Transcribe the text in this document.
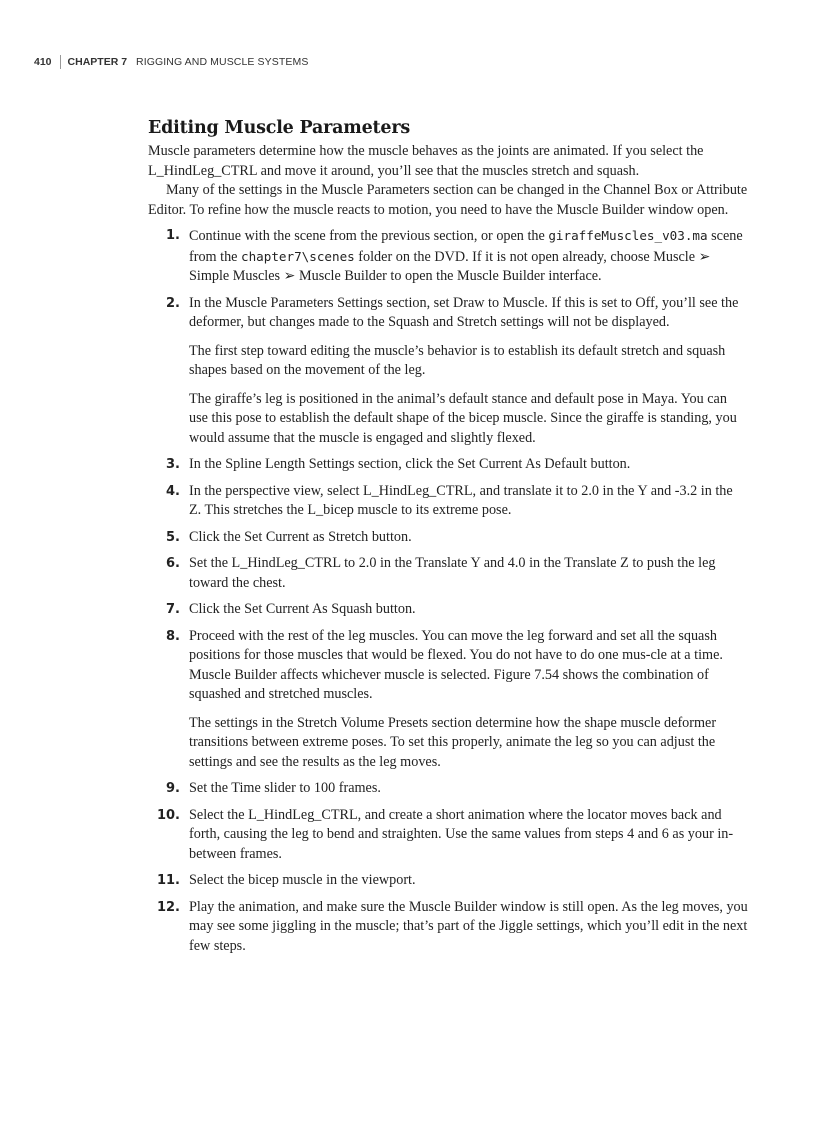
410 CHAPTER 7 RIGGING AND MUSCLE SYSTEMS
Editing Muscle Parameters

Muscle parameters determine how the muscle behaves as the joints are animated. If you select the L_HindLeg_CTRL and move it around, you’ll see that the muscles stretch and squash.

Many of the settings in the Muscle Parameters section can be changed in the Channel Box or Attribute Editor. To refine how the muscle reacts to motion, you need to have the Muscle Builder window open.

1. Continue with the scene from the previous section, or open the giraffeMuscles_v03.ma scene from the chapter7\scenes folder on the DVD. If it is not open already, choose Muscle ➢ Simple Muscles ➢ Muscle Builder to open the Muscle Builder interface.

2. In the Muscle Parameters Settings section, set Draw to Muscle. If this is set to Off, you’ll see the deformer, but changes made to the Squash and Stretch settings will not be displayed.

The first step toward editing the muscle’s behavior is to establish its default stretch and squash shapes based on the movement of the leg.

The giraffe’s leg is positioned in the animal’s default stance and default pose in Maya. You can use this pose to establish the default shape of the bicep muscle. Since the giraffe is standing, you would assume that the muscle is engaged and slightly flexed.

3. In the Spline Length Settings section, click the Set Current As Default button.

4. In the perspective view, select L_HindLeg_CTRL, and translate it to 2.0 in the Y and -3.2 in the Z. This stretches the L_bicep muscle to its extreme pose.

5. Click the Set Current as Stretch button.

6. Set the L_HindLeg_CTRL to 2.0 in the Translate Y and 4.0 in the Translate Z to push the leg toward the chest.

7. Click the Set Current As Squash button.

8. Proceed with the rest of the leg muscles. You can move the leg forward and set all the squash positions for those muscles that would be flexed. You do not have to do one mus-cle at a time. Muscle Builder affects whichever muscle is selected. Figure 7.54 shows the combination of squashed and stretched muscles.

The settings in the Stretch Volume Presets section determine how the shape muscle deformer transitions between extreme poses. To set this properly, animate the leg so you can adjust the settings and see the results as the leg moves.

9. Set the Time slider to 100 frames.

10. Select the L_HindLeg_CTRL, and create a short animation where the locator moves back and forth, causing the leg to bend and straighten. Use the same values from steps 4 and 6 as your in-between frames.

11. Select the bicep muscle in the viewport.

12. Play the animation, and make sure the Muscle Builder window is still open. As the leg moves, you may see some jiggling in the muscle; that’s part of the Jiggle settings, which you’ll edit in the next few steps.
